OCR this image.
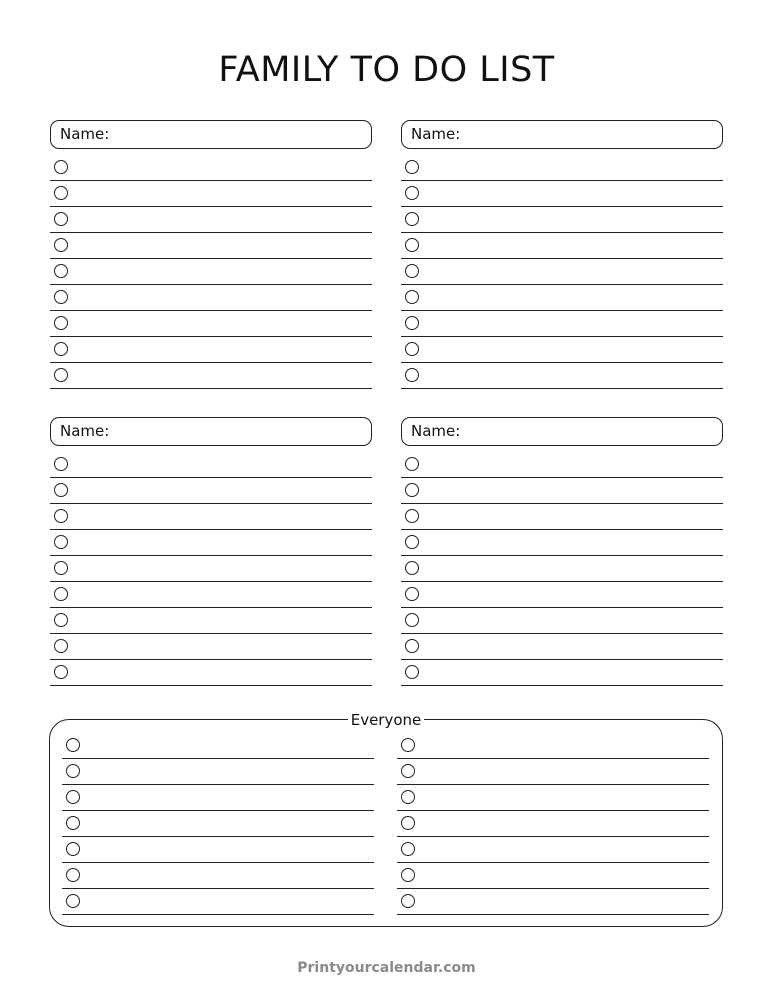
FAMILY TO DO LIST
Name:	Name:
Name:	Name:
Everyone
Printyourcalendar.com
